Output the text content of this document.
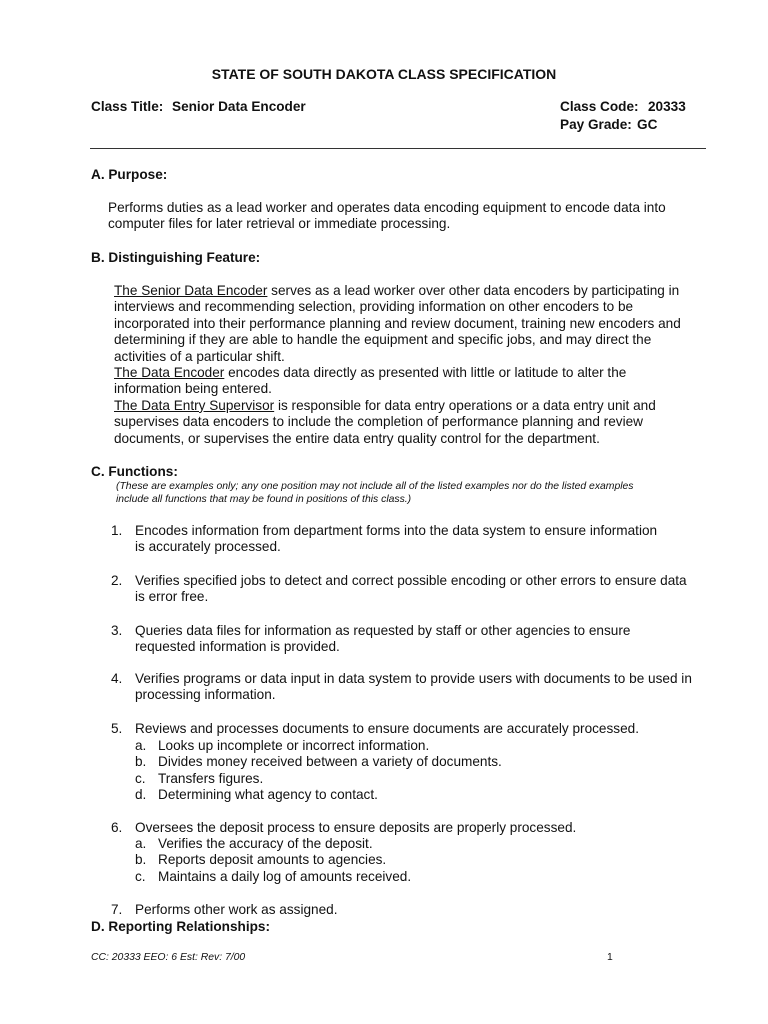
STATE OF SOUTH DAKOTA CLASS SPECIFICATION
Class Title: Senior Data Encoder	Class Code: 20333
Pay Grade: GC
A. Purpose:
Performs duties as a lead worker and operates data encoding equipment to encode data into
computer files for later retrieval or immediate processing.
B. Distinguishing Feature:
The Senior Data Encoder serves as a lead worker over other data encoders by participating in
interviews and recommending selection, providing information on other encoders to be
incorporated into their performance planning and review document, training new encoders and
determining if they are able to handle the equipment and specific jobs, and may direct the
activities of a particular shift.
The Data Encoder encodes data directly as presented with little or latitude to alter the
information being entered.
The Data Entry Supervisor is responsible for data entry operations or a data entry unit and
supervises data encoders to include the completion of performance planning and review
documents, or supervises the entire data entry quality control for the department.
C. Functions:
(These are examples only; any one position may not include all of the listed examples nor do the listed examples
include all functions that may be found in positions of this class.)
1. Encodes information from department forms into the data system to ensure information
is accurately processed.
2. Verifies specified jobs to detect and correct possible encoding or other errors to ensure data
is error free.
3. Queries data files for information as requested by staff or other agencies to ensure
requested information is provided.
4. Verifies programs or data input in data system to provide users with documents to be used in
processing information.
5. Reviews and processes documents to ensure documents are accurately processed.
a. Looks up incomplete or incorrect information.
b. Divides money received between a variety of documents.
c. Transfers figures.
d. Determining what agency to contact.
6. Oversees the deposit process to ensure deposits are properly processed.
a. Verifies the accuracy of the deposit.
b. Reports deposit amounts to agencies.
c. Maintains a daily log of amounts received.
7. Performs other work as assigned.
D. Reporting Relationships:
CC: 20333 EEO: 6 Est: Rev: 7/00	1
